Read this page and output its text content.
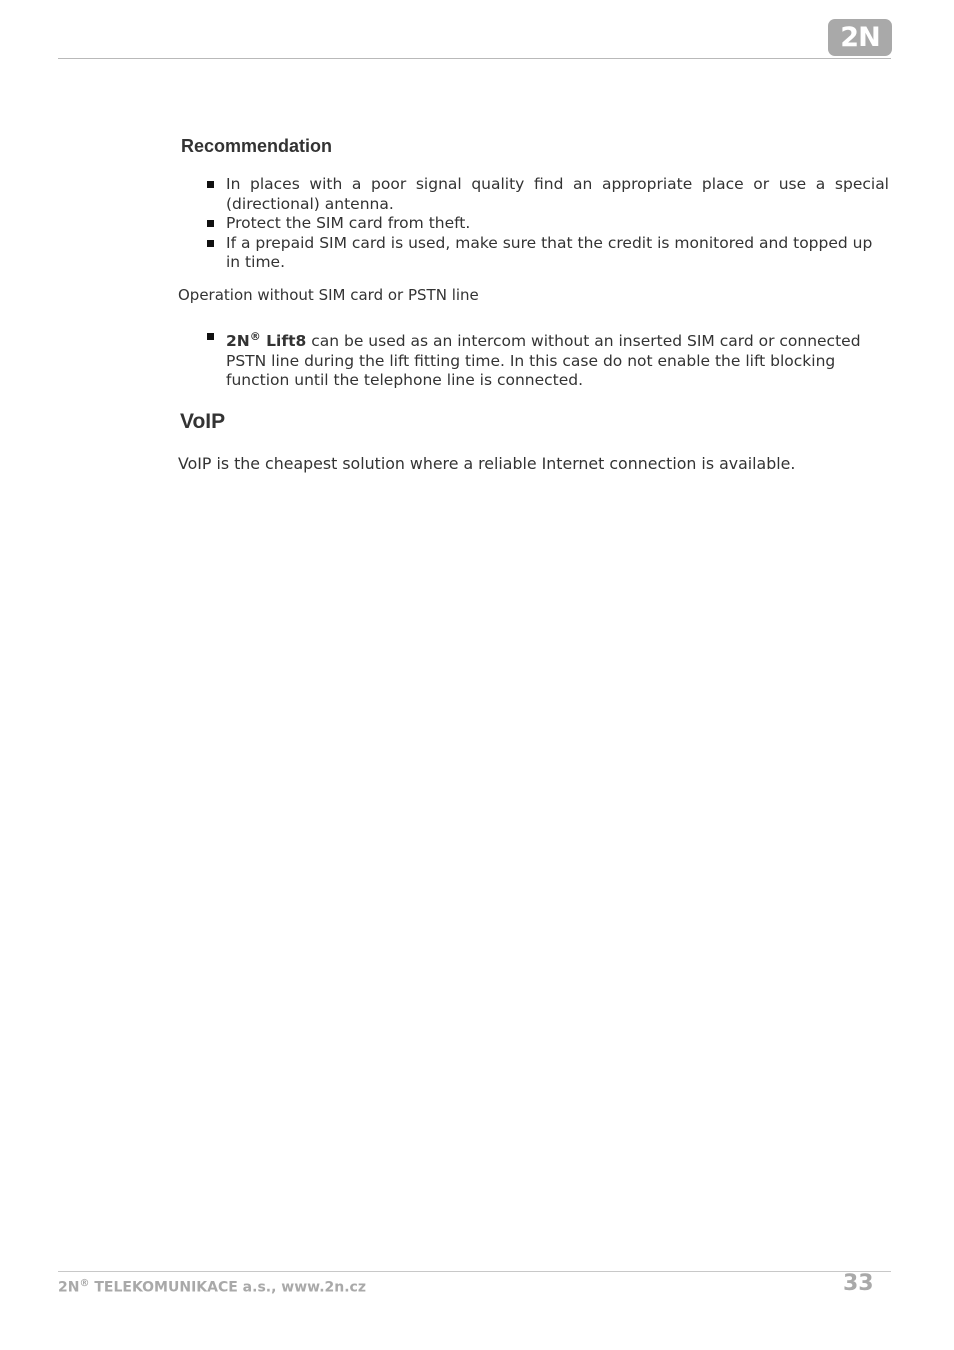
2N
Recommendation
In places with a poor signal quality find an appropriate place or use a special (directional) antenna.
Protect the SIM card from theft.
If a prepaid SIM card is used, make sure that the credit is monitored and topped up in time.
Operation without SIM card or PSTN line
2N® Lift8 can be used as an intercom without an inserted SIM card or connected PSTN line during the lift fitting time. In this case do not enable the lift blocking function until the telephone line is connected.
VoIP
VoIP is the cheapest solution where a reliable Internet connection is available.
2N® TELEKOMUNIKACE a.s., www.2n.cz	33
